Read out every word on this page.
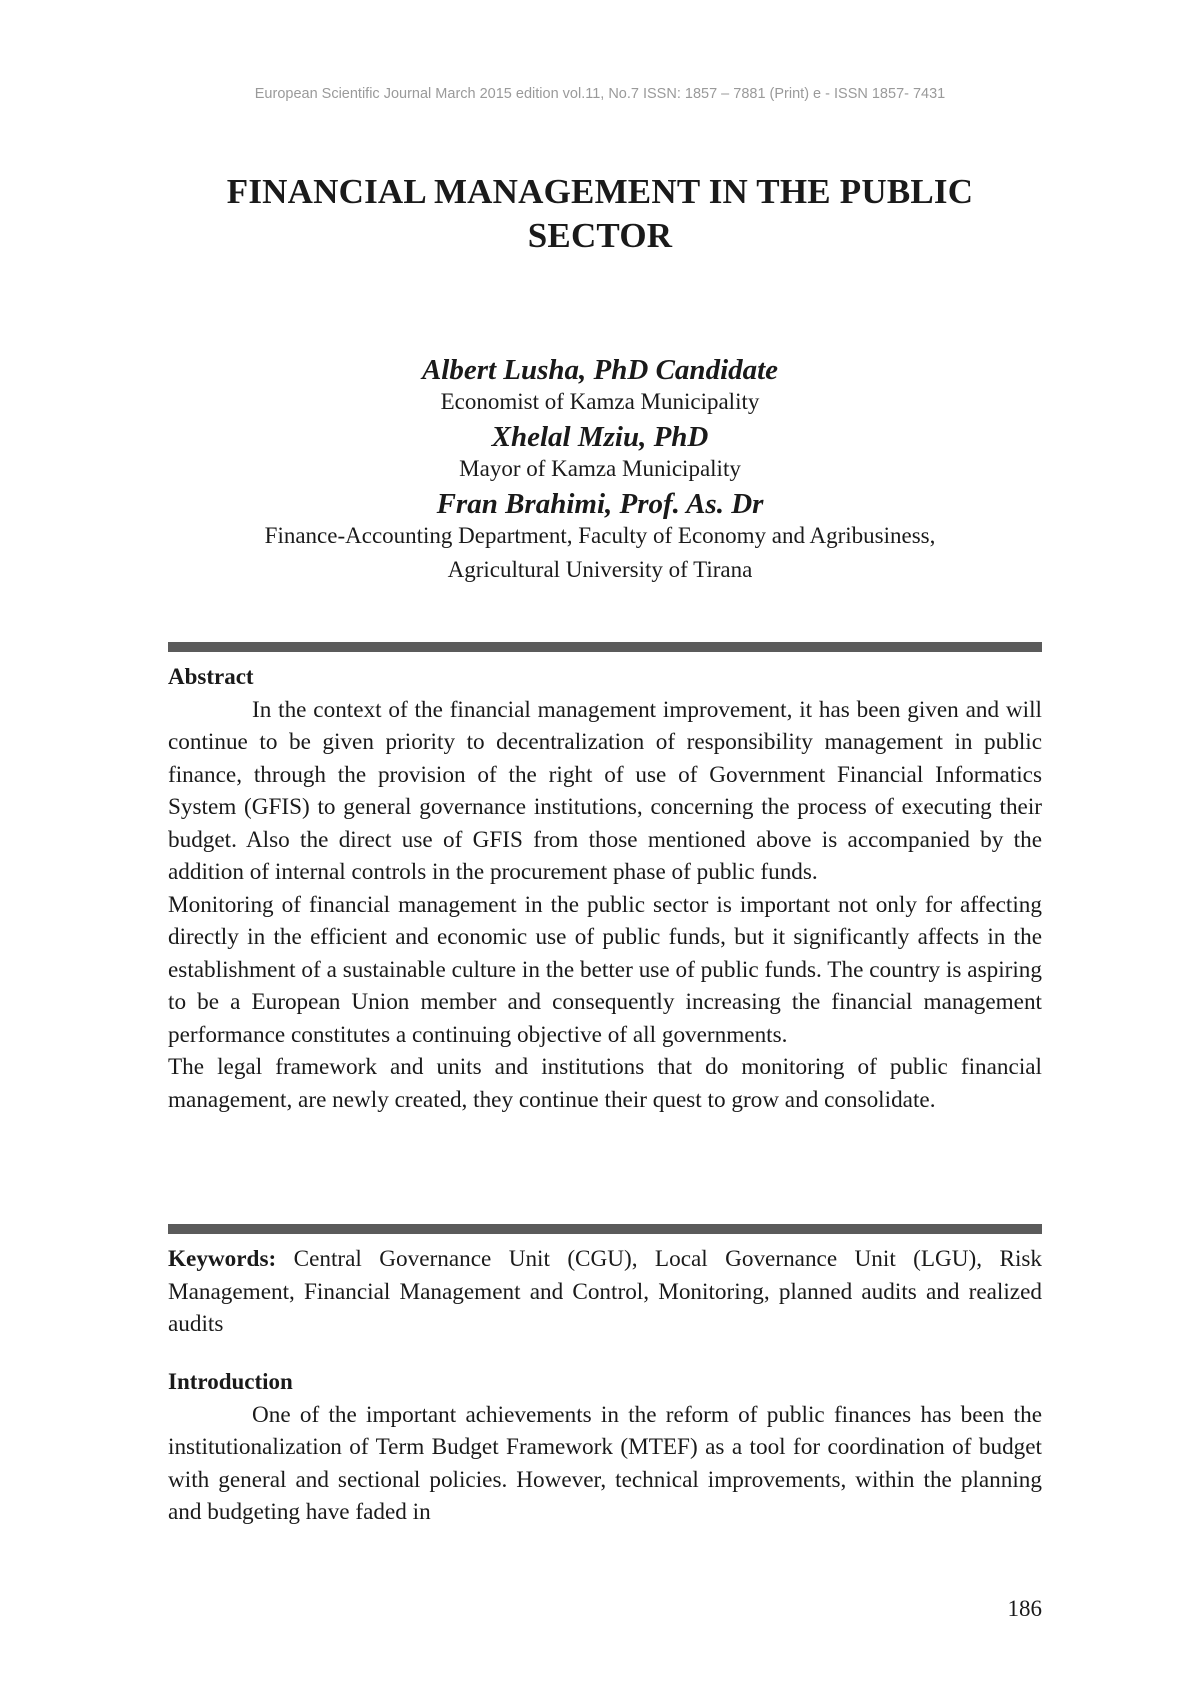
European Scientific Journal March 2015 edition vol.11, No.7 ISSN: 1857 – 7881 (Print) e - ISSN 1857- 7431
FINANCIAL MANAGEMENT IN THE PUBLIC
SECTOR
Albert Lusha, PhD Candidate
Economist of Kamza Municipality
Xhelal Mziu, PhD
Mayor of Kamza Municipality
Fran Brahimi, Prof. As. Dr
Finance-Accounting Department, Faculty of Economy and Agribusiness,
Agricultural University of Tirana

Abstract

In the context of the financial management improvement, it has been given and will continue to be given priority to decentralization of responsibility management in public finance, through the provision of the right of use of Government Financial Informatics System (GFIS) to general governance institutions, concerning the process of executing their budget. Also the direct use of GFIS from those mentioned above is accompanied by the addition of internal controls in the procurement phase of public funds.

Monitoring of financial management in the public sector is important not only for affecting directly in the efficient and economic use of public funds, but it significantly affects in the establishment of a sustainable culture in the better use of public funds. The country is aspiring to be a European Union member and consequently increasing the financial management performance constitutes a continuing objective of all governments.

The legal framework and units and institutions that do monitoring of public financial management, are newly created, they continue their quest to grow and consolidate.

Keywords: Central Governance Unit (CGU), Local Governance Unit (LGU), Risk Management, Financial Management and Control, Monitoring, planned audits and realized audits

Introduction

One of the important achievements in the reform of public finances has been the institutionalization of Term Budget Framework (MTEF) as a tool for coordination of budget with general and sectional policies. However, technical improvements, within the planning and budgeting have faded in

186
